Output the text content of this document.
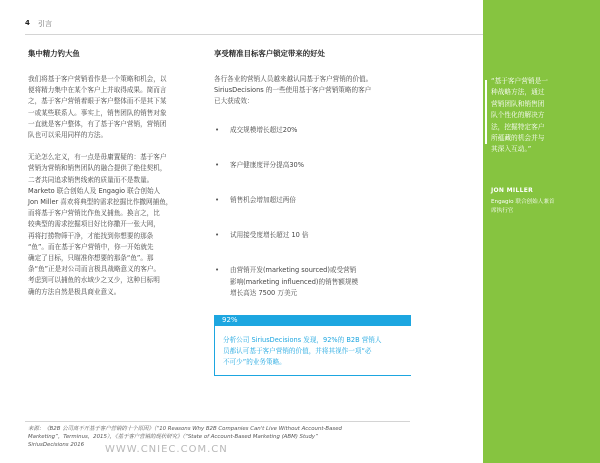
4 引言
集中精力钓大鱼

我们将基于客户营销看作是一个策略和机会，以

便将精力集中在某个客户上并取得成果。简而言

之，基于客户营销着眼于客户整体而不是其下某

一或某些联系人。事实上，销售团队的销售对象

一直就是客户整体，有了基于客户营销，营销团

队也可以采用同样的方法。

无论怎么定义，有一点是毋庸置疑的：基于客户

营销为营销和销售团队的融合提供了绝佳契机，

二者共同追求销售线索的质量而不是数量。

Marketo 联合创始人及 Engagio 联合创始人

Jon Miller 喜欢将典型的需求挖掘比作撒网捕鱼，

而将基于客户营销比作鱼叉捕鱼。换言之，比

较典型的需求挖掘项目好比你撒开一张大网，

再将打捞物筛干净，才能找到你想要的那条

“鱼”。而在基于客户营销中，你一开始就先

确定了目标，只瞄准你想要的那条“鱼”。那

条“鱼”正是对公司而言极具战略意义的客户。

考虑到可以捕鱼的水域少之又少，这种目标明

确的方法自然是极具商业意义。

享受精准目标客户锁定带来的好处

各行各业的营销人员越来越认同基于客户营销的价值。

SiriusDecisions 的一些使用基于客户营销策略的客户

已大获成效：

• 成交规模增长超过20%
• 客户健康度评分提高30%
• 销售机会增加超过两倍
• 试用接受度增长超过 10 倍
• 由营销开发(marketing sourced)或受营销
影响(marketing influenced)的销售额规模
增长高达 7500 万美元
92%
分析公司 SiriusDecisions 发现，92%的 B2B 营销人
员都认可基于客户营销的价值，并将其视作一项“必
不可少”的业务策略。
“基于客户营销是一
种战略方法，通过
营销团队和销售团
队个性化的解决方
法，挖掘特定客户
所蕴藏的机会并与
其深入互动。”
JON MILLER
Engagio 联合创始人兼首
席执行官
来源：《B2B 公司离不开基于客户营销的十个原因》（“10 Reasons Why B2B Companies Can't Live Without Account-Based
Marketing”，Terminus，2015），《基于客户营销的现状研究》（“State of Account-Based Marketing (ABM) Study”
SiriusDecisions 2016	WWW.CNIEC.COM.CN
